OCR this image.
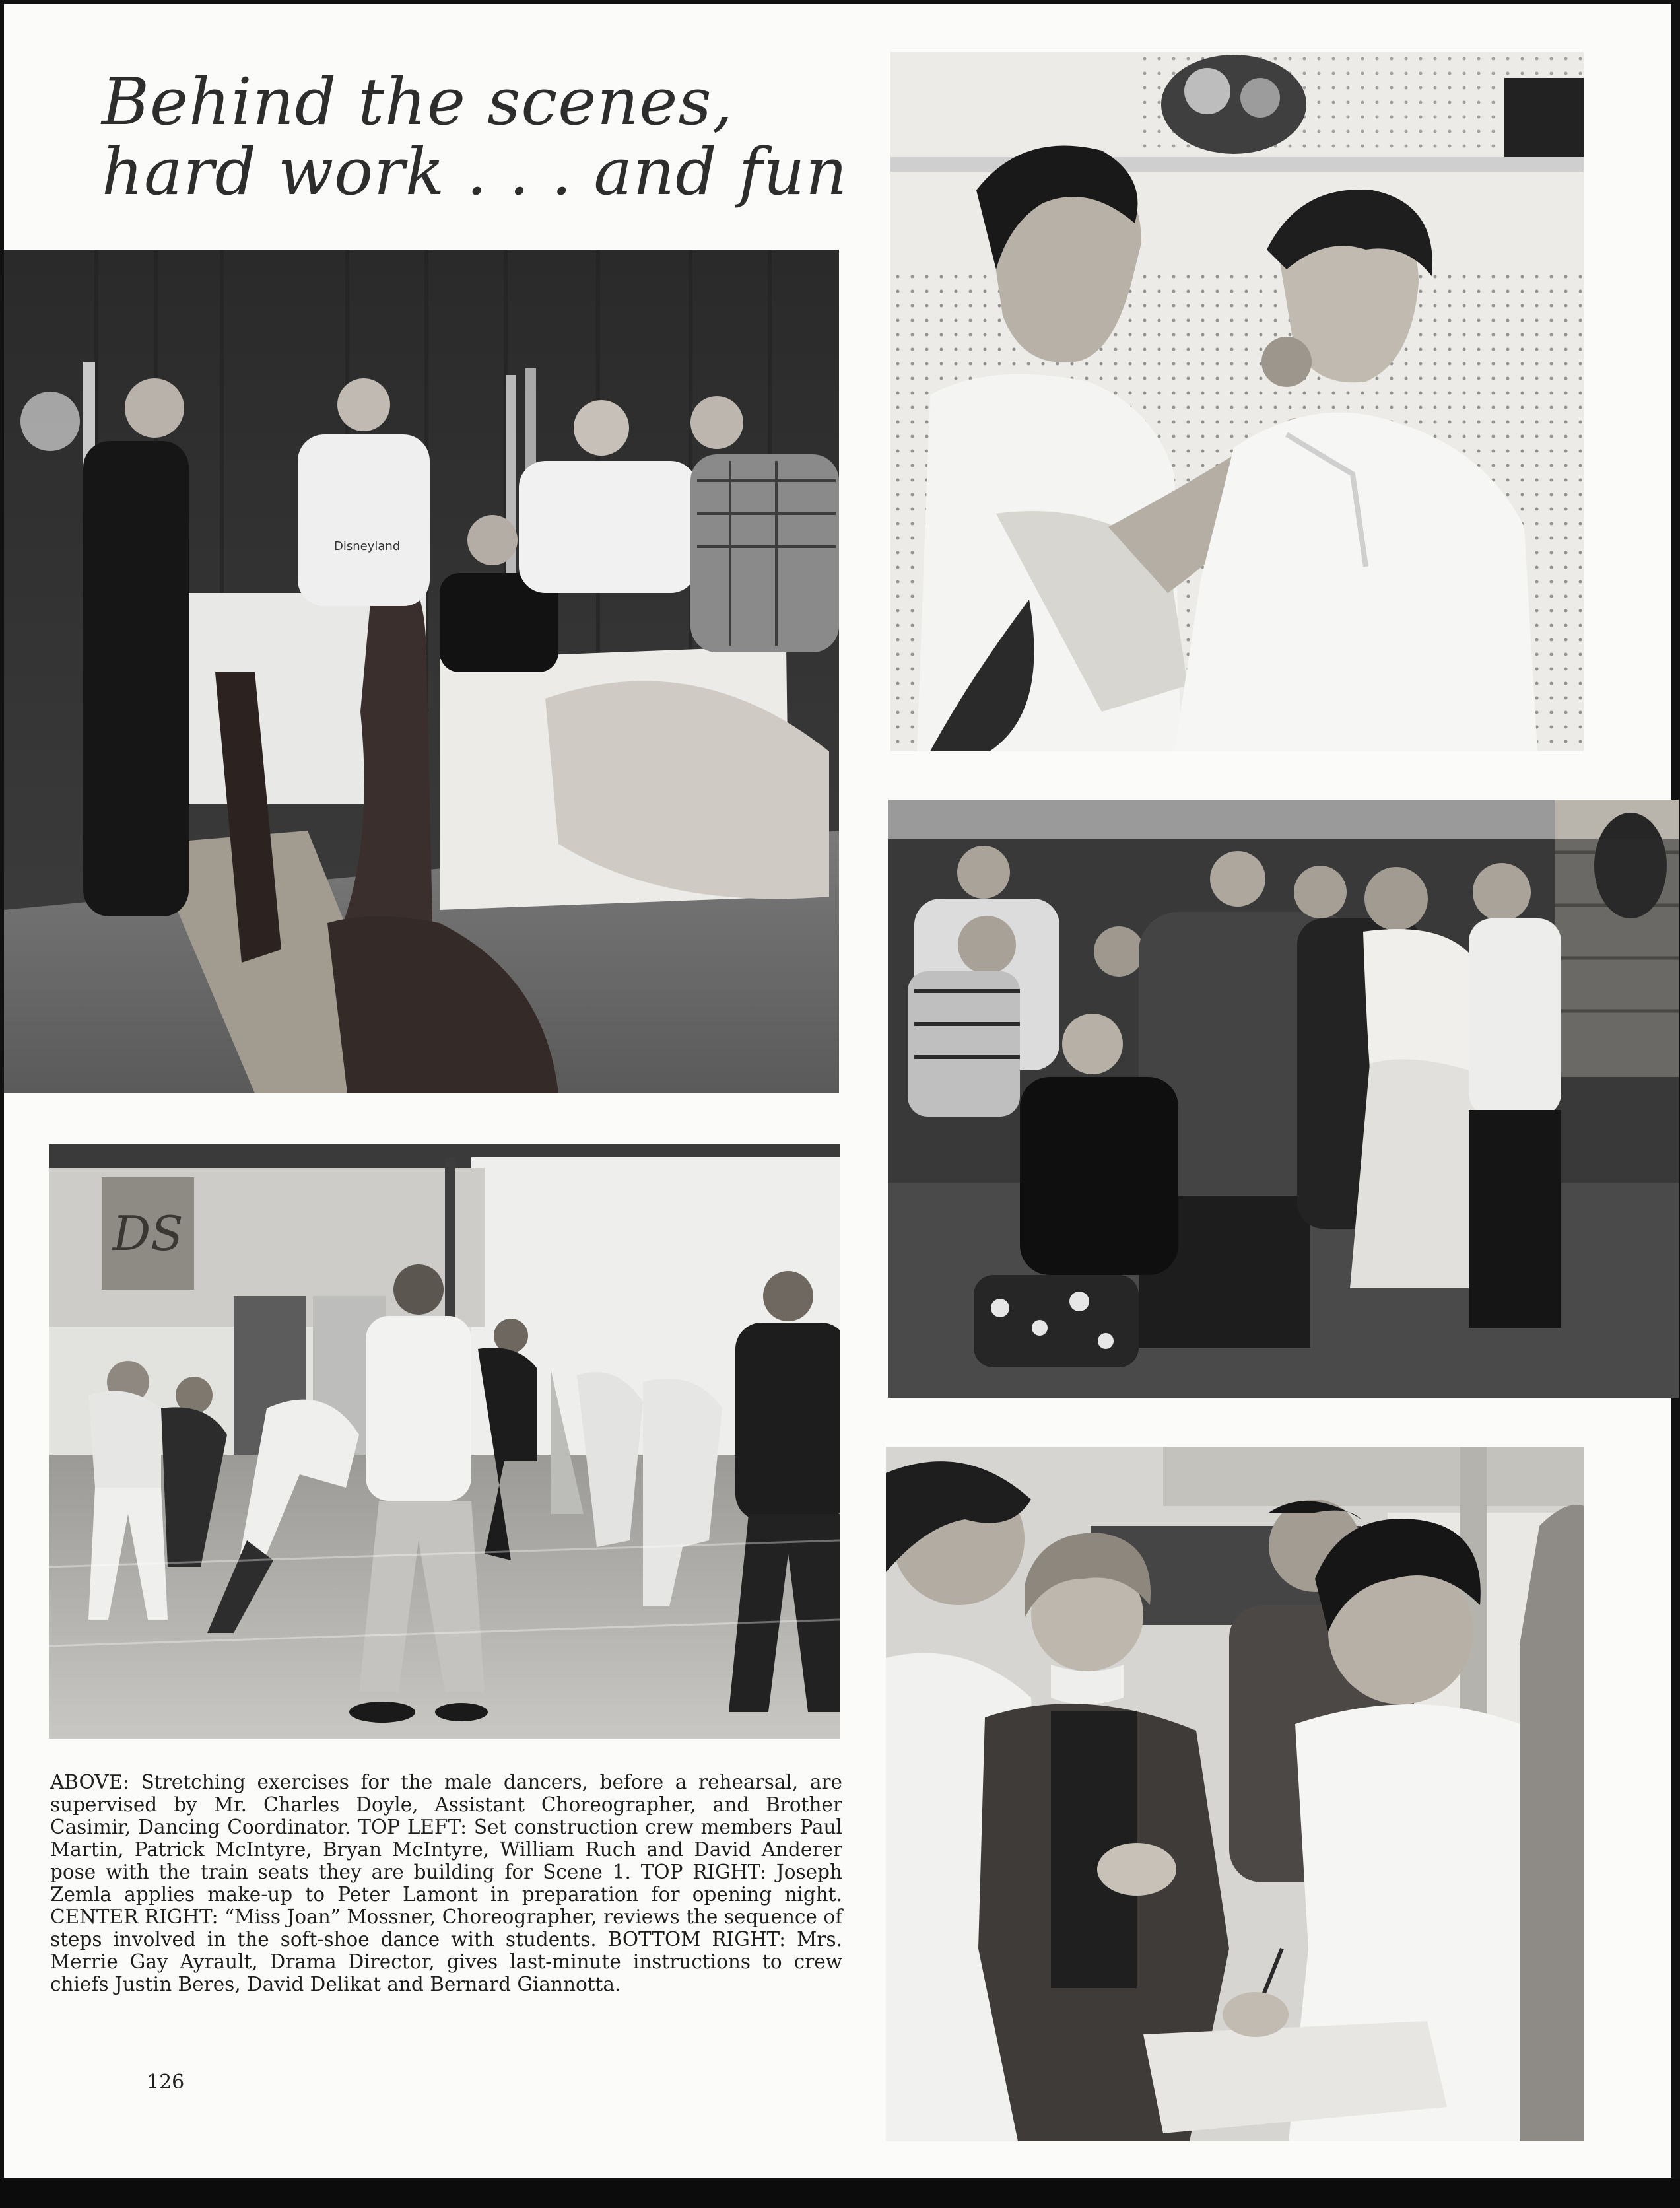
Behind the scenes,
hard work . . . and fun
Disneyland
DS

ABOVE: Stretching exercises for the male dancers, before a rehearsal, are supervised by Mr. Charles Doyle, Assistant Choreographer, and Brother Casimir, Dancing Coordinator. TOP LEFT: Set construction crew members Paul Martin, Patrick McIntyre, Bryan McIntyre, William Ruch and David Anderer pose with the train seats they are building for Scene 1. TOP RIGHT: Joseph Zemla applies make-up to Peter Lamont in preparation for opening night. CENTER RIGHT: “Miss Joan” Mossner, Choreographer, reviews the sequence of steps involved in the soft-shoe dance with students. BOTTOM RIGHT: Mrs. Merrie Gay Ayrault, Drama Director, gives last-minute instructions to crew chiefs Justin Beres, David Delikat and Bernard Giannotta.

126
